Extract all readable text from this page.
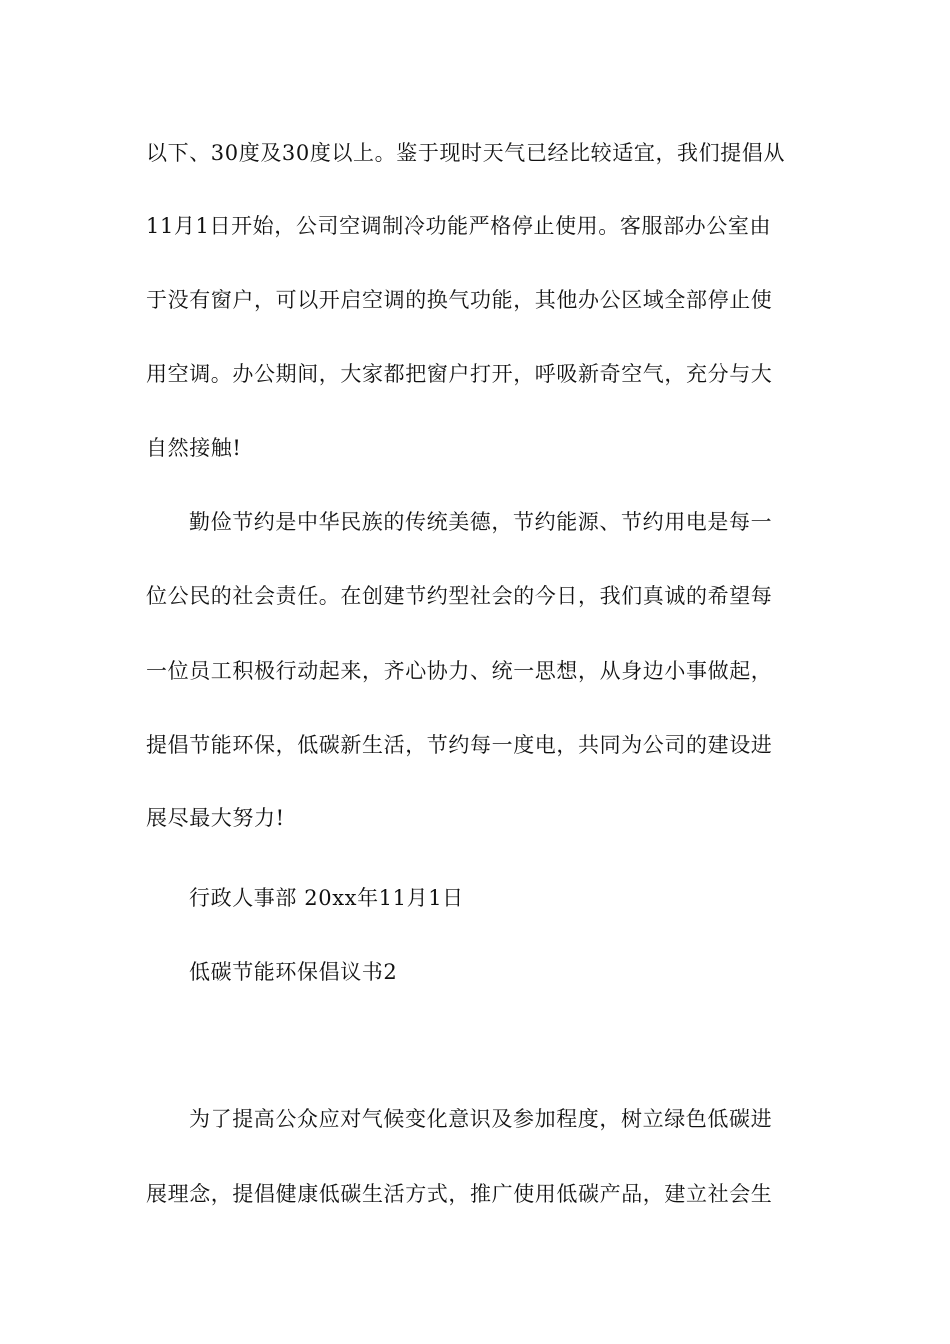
以下、30度及30度以上。鉴于现时天气已经比较适宜，我们提倡从
11月1日开始，公司空调制冷功能严格停止使用。客服部办公室由
于没有窗户，可以开启空调的换气功能，其他办公区域全部停止使
用空调。办公期间，大家都把窗户打开，呼吸新奇空气，充分与大
自然接触!
勤俭节约是中华民族的传统美德，节约能源、节约用电是每一
位公民的社会责任。在创建节约型社会的今日，我们真诚的希望每
一位员工积极行动起来，齐心协力、统一思想，从身边小事做起，
提倡节能环保，低碳新生活，节约每一度电，共同为公司的建设进
展尽最大努力!
行政人事部 20xx年11月1日
低碳节能环保倡议书2
为了提高公众应对气候变化意识及参加程度，树立绿色低碳进
展理念，提倡健康低碳生活方式，推广使用低碳产品，建立社会生
